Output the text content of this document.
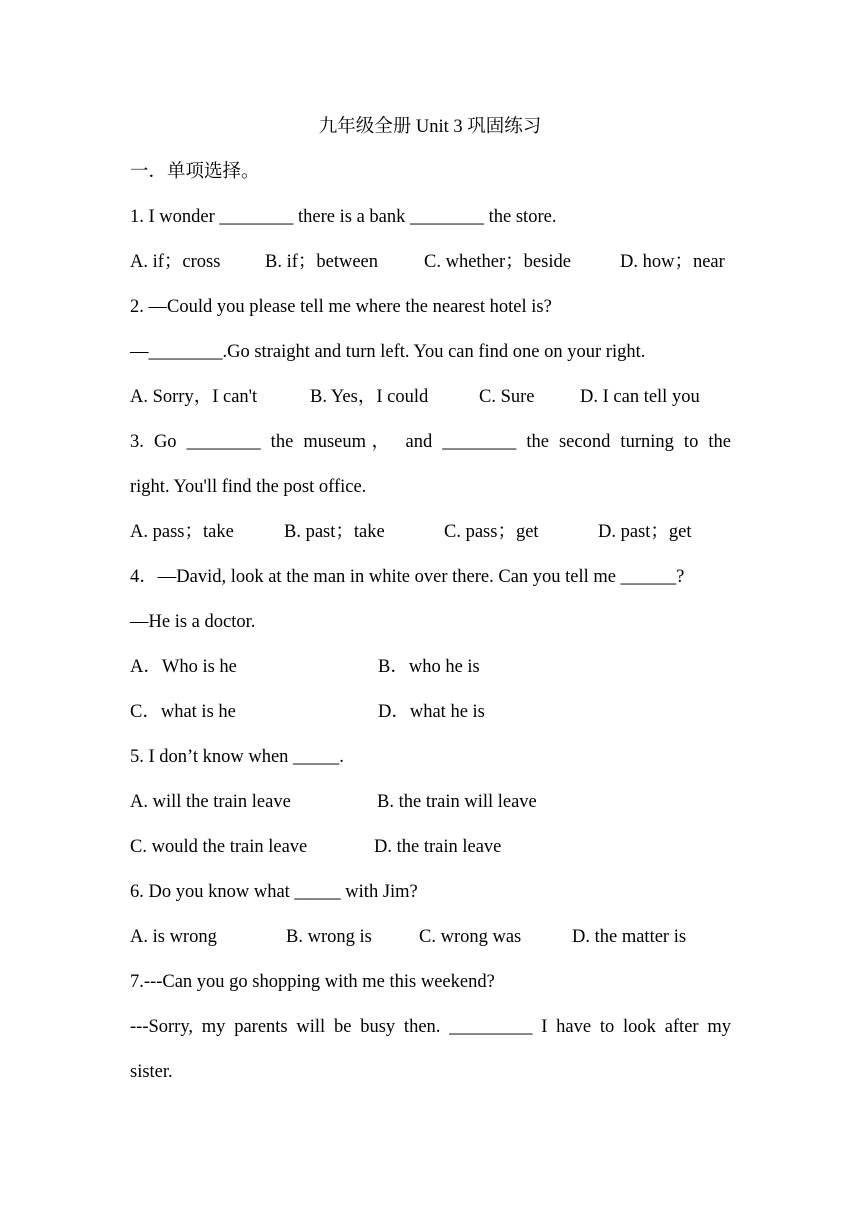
九年级全册 Unit 3 巩固练习
一．单项选择。
1. I wonder ________ there is a bank ________ the store.
A. if；cross B. if；between C. whether；beside	D. how；near
2. —Could you please tell me where the nearest hotel is?
—________.Go straight and turn left. You can find one on your right.
A. Sorry，I can't	B. Yes，I could	C. Sure D. I can tell you
3. Go ________ the museum， and ________ the second turning to the
right. You'll find the post office.
A. pass；take	B. past；take	C. pass；get	D. past；get
4．—David, look at the man in white over there. Can you tell me ______?
—He is a doctor.
A．Who is he	B．who he is
C．what is he	D．what he is
5. I don’t know when _____.
A. will the train leave	B. the train will leave
C. would the train leave	D. the train leave
6. Do you know what _____ with Jim?
A. is wrong	B. wrong is	C. wrong was	D. the matter is
7.---Can you go shopping with me this weekend?
---Sorry, my parents will be busy then. _________ I have to look after my
sister.
